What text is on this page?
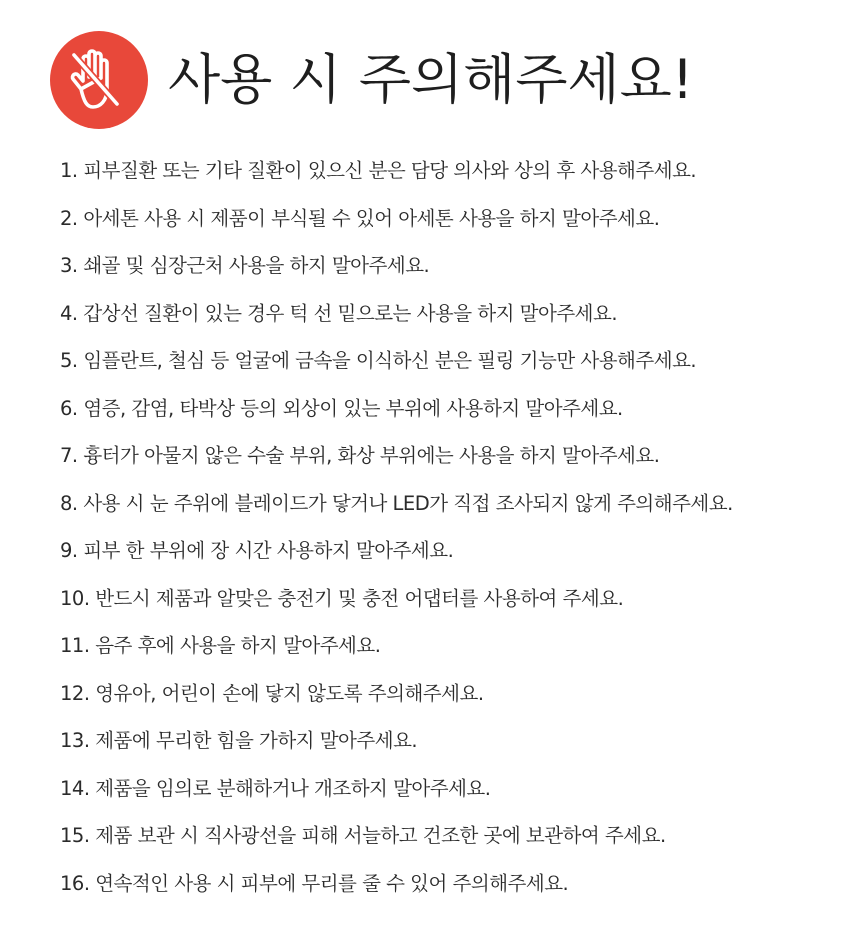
사용 시 주의해주세요!
1. 피부질환 또는 기타 질환이 있으신 분은 담당 의사와 상의 후 사용해주세요.
2. 아세톤 사용 시 제품이 부식될 수 있어 아세톤 사용을 하지 말아주세요.
3. 쇄골 및 심장근처 사용을 하지 말아주세요.
4. 갑상선 질환이 있는 경우 턱 선 밑으로는 사용을 하지 말아주세요.
5. 임플란트, 철심 등 얼굴에 금속을 이식하신 분은 필링 기능만 사용해주세요.
6. 염증, 감염, 타박상 등의 외상이 있는 부위에 사용하지 말아주세요.
7. 흉터가 아물지 않은 수술 부위, 화상 부위에는 사용을 하지 말아주세요.
8. 사용 시 눈 주위에 블레이드가 닿거나 LED가 직접 조사되지 않게 주의해주세요.
9. 피부 한 부위에 장 시간 사용하지 말아주세요.
10. 반드시 제품과 알맞은 충전기 및 충전 어댑터를 사용하여 주세요.
11. 음주 후에 사용을 하지 말아주세요.
12. 영유아, 어린이 손에 닿지 않도록 주의해주세요.
13. 제품에 무리한 힘을 가하지 말아주세요.
14. 제품을 임의로 분해하거나 개조하지 말아주세요.
15. 제품 보관 시 직사광선을 피해 서늘하고 건조한 곳에 보관하여 주세요.
16. 연속적인 사용 시 피부에 무리를 줄 수 있어 주의해주세요.
